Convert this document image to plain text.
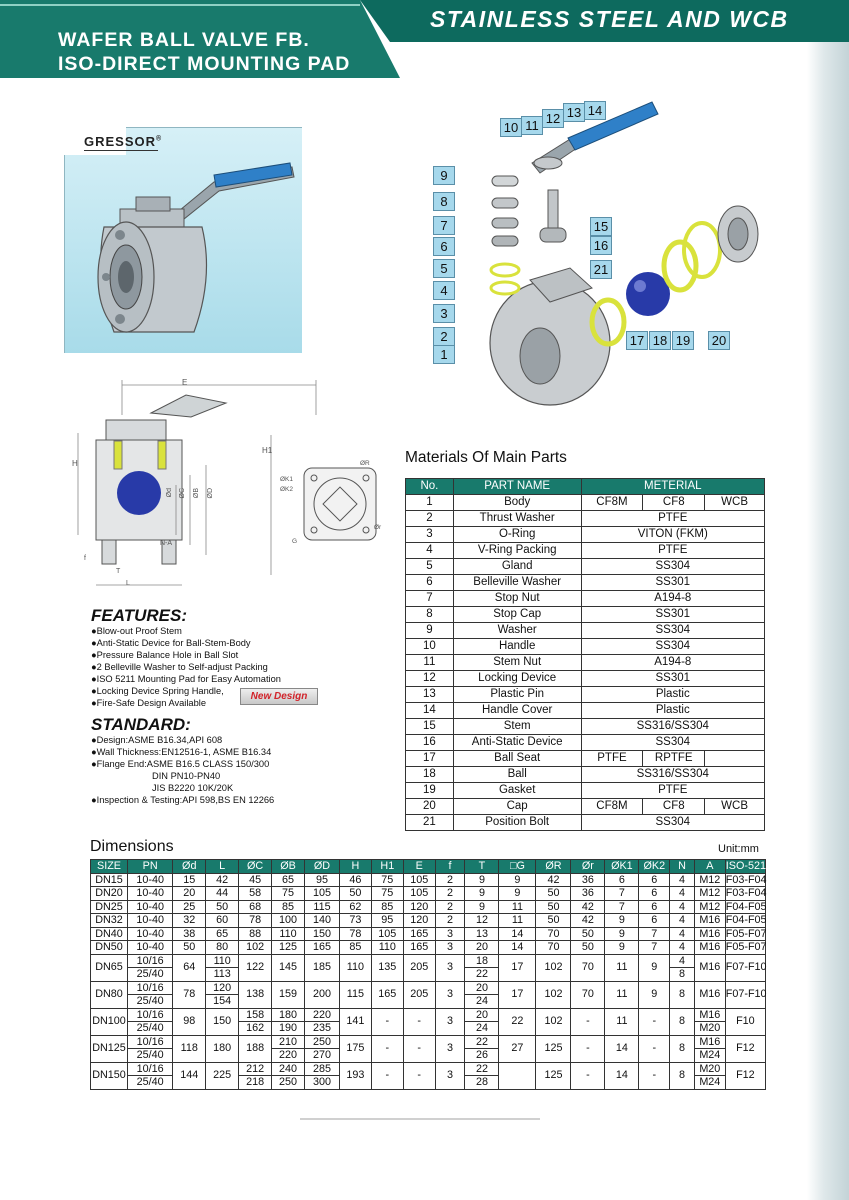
STAINLESS STEEL AND WCB
WAFER BALL VALVE FB.
ISO-DIRECT MOUNTING PAD
GRESSOR®
9
8
7
6
5
4
3
2
1
10 11 12 13 14
15
16
21
17 18 19 20
E
H1
H
Ød ØC ØB ØD
N-A
f
T
L
ØK1
ØK2
ØR
Ør
G
FEATURES:
●Blow-out Proof Stem
●Anti-Static Device for Ball-Stem-Body
●Pressure Balance Hole in Ball Slot
●2 Belleville Washer to Self-adjust Packing
●ISO 5211 Mounting Pad for Easy Automation
●Locking Device Spring Handle,	New Design
●Fire-Safe Design Available
STANDARD:
●Design:ASME B16.34,API 608
●Wall Thickness:EN12516-1, ASME B16.34
●Flange End:ASME B16.5 CLASS 150/300
DIN PN10-PN40
JIS B2220 10K/20K
●Inspection & Testing:API 598,BS EN 12266
Materials Of Main Parts
No.	PART NAME	METERIAL		
1	Body	CF8M	CF8	WCB
2	Thrust Washer	PTFE		
3	O-Ring	VITON (FKM)		
4	V-Ring Packing	PTFE		
5	Gland	SS304		
6	Belleville Washer	SS301		
7	Stop Nut	A194-8		
8	Stop Cap	SS301		
9	Washer	SS304		
10	Handle	SS304		
11	Stem Nut	A194-8		
12	Locking Device	SS301		
13	Plastic Pin	Plastic		
14	Handle Cover	Plastic		
15	Stem	SS316/SS304		
16	Anti-Static Device	SS304		
17	Ball Seat	PTFE	RPTFE	
18	Ball	SS316/SS304		
19	Gasket	PTFE		
20	Cap	CF8M	CF8	WCB
21	Position Bolt	SS304		
Dimensions	Unit:mm
SIZE	PN	Ød	L	ØC	ØB	ØD	H	H1	E	f	T	□G	ØR	Ør	ØK1	ØK2	N	A	ISO-5211
DN15	10-40	15	42	45	65	95	46	75	105	2	9	9	42	36	6	6	4	M12	F03-F04
DN20	10-40	20	44	58	75	105	50	75	105	2	9	9	50	36	7	6	4	M12	F03-F04
DN25	10-40	25	50	68	85	115	62	85	120	2	9	11	50	42	7	6	4	M12	F04-F05
DN32	10-40	32	60	78	100	140	73	95	120	2	12	11	50	42	9	6	4	M16	F04-F05
DN40	10-40	38	65	88	110	150	78	105	165	3	13	14	70	50	9	7	4	M16	F05-F07
DN50	10-40	50	80	102	125	165	85	110	165	3	20	14	70	50	9	7	4	M16	F05-F07
DN65	10/16	64	110	122	145	185	110	135	205	3	18	17	102	70	11	9	4	M16	F07-F10
	25/40		113								22						8		
DN80	10/16	78	120	138	159	200	115	165	205	3	20	17	102	70	11	9	8	M16	F07-F10
	25/40		154								24								
DN100	10/16	98	150	158	180	220	141	-	-	3	20	22	102	-	11	-	8	M16	F10
	25/40			162	190	235					24							M20	
DN125	10/16	118	180	188	210	250	175	-	-	3	22	27	125	-	14	-	8	M16	F12
	25/40				220	270					26							M24	
DN150	10/16	144	225	212	240	285	193	-	-	3	22		125	-	14	-	8	M20	F12
	25/40			218	250	300					28							M24	
